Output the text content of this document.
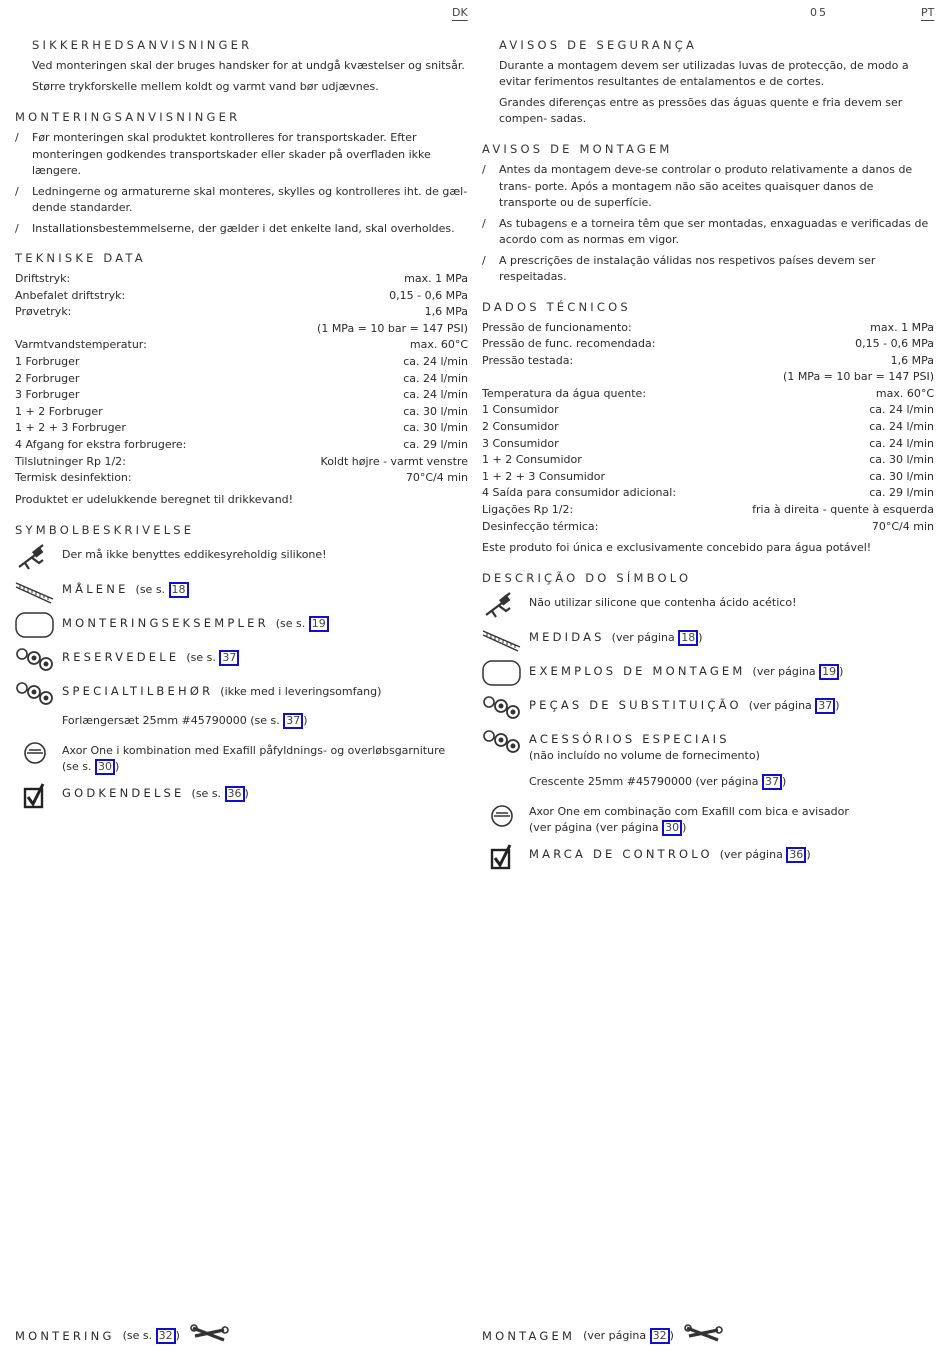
DK	05	PT
SIKKERHEDSANVISNINGER
Ved monteringen skal der bruges handsker for at undgå kvæstelser og snitsår.
Større trykforskelle mellem koldt og varmt vand bør udjævnes.
MONTERINGSANVISNINGER
/ Før monteringen skal produktet kontrolleres for transportskader. Efter monteringen godkendes transportskader eller skader på overfladen ikke længere.
/ Ledningerne og armaturerne skal monteres, skylles og kontrolleres iht. de gæl- dende standarder.
/ Installationsbestemmelserne, der gælder i det enkelte land, skal overholdes.
TEKNISKE DATA
Driftstryk:	max. 1 MPa
Anbefalet driftstryk:	0,15 - 0,6 MPa
Prøvetryk:	1,6 MPa
(1 MPa = 10 bar = 147 PSI)
Varmtvandstemperatur:	max. 60°C
1 Forbruger	ca. 24 l/min
2 Forbruger	ca. 24 l/min
3 Forbruger	ca. 24 l/min
1 + 2 Forbruger	ca. 30 l/min
1 + 2 + 3 Forbruger	ca. 30 l/min
4 Afgang for ekstra forbrugere:	ca. 29 l/min
Tilslutninger Rp 1/2:	Koldt højre - varmt venstre
Termisk desinfektion:	70°C/4 min
Produktet er udelukkende beregnet til drikkevand!
SYMBOLBESKRIVELSE
Der må ikke benyttes eddikesyreholdig silikone!
MÅLENE (se s. 18
MONTERINGSEKSEMPLER (se s. 19
RESERVEDELE (se s. 37
SPECIALTILBEHØR (ikke med i leveringsomfang)
Forlængersæt 25mm #45790000 (se s. 37 )
Axor One i kombination med Exafill påfyldnings- og overløbsgarniture
(se s. 30 )
GODKENDELSE (se s. 36 )
AVISOS DE SEGURANÇA
Durante a montagem devem ser utilizadas luvas de protecção, de modo a evitar ferimentos resultantes de entalamentos e de cortes.
Grandes diferenças entre as pressões das águas quente e fria devem ser compen- sadas.
AVISOS DE MONTAGEM
/ Antes da montagem deve-se controlar o produto relativamente a danos de trans- porte. Após a montagem não são aceites quaisquer danos de transporte ou de superfície.
/ As tubagens e a torneira têm que ser montadas, enxaguadas e verificadas de acordo com as normas em vigor.
/ A prescrições de instalação válidas nos respetivos países devem ser respeitadas.
DADOS TÉCNICOS
Pressão de funcionamento:	max. 1 MPa
Pressão de func. recomendada:	0,15 - 0,6 MPa
Pressão testada:	1,6 MPa
(1 MPa = 10 bar = 147 PSI)
Temperatura da água quente:	max. 60°C
1 Consumidor	ca. 24 l/min
2 Consumidor	ca. 24 l/min
3 Consumidor	ca. 24 l/min
1 + 2 Consumidor	ca. 30 l/min
1 + 2 + 3 Consumidor	ca. 30 l/min
4 Saída para consumidor adicional:	ca. 29 l/min
Ligações Rp 1/2:	fria à direita - quente à esquerda
Desinfecção térmica:	70°C/4 min
Este produto foi única e exclusivamente concebido para água potável!
DESCRIÇÃO DO SÍMBOLO
Não utilizar silicone que contenha ácido acético!
MEDIDAS (ver página 18 )
EXEMPLOS DE MONTAGEM (ver página 19 )
PEÇAS DE SUBSTITUIÇÃO (ver página 37 )
ACESSÓRIOS ESPECIAIS
(não incluído no volume de fornecimento)
Crescente 25mm #45790000 (ver página 37 )
Axor One em combinação com Exafill com bica e avisador
(ver página (ver página 30 )
MARCA DE CONTROLO (ver página 36 )
MONTERING (se s.
32 )	MONTAGEM (ver página
32 )
